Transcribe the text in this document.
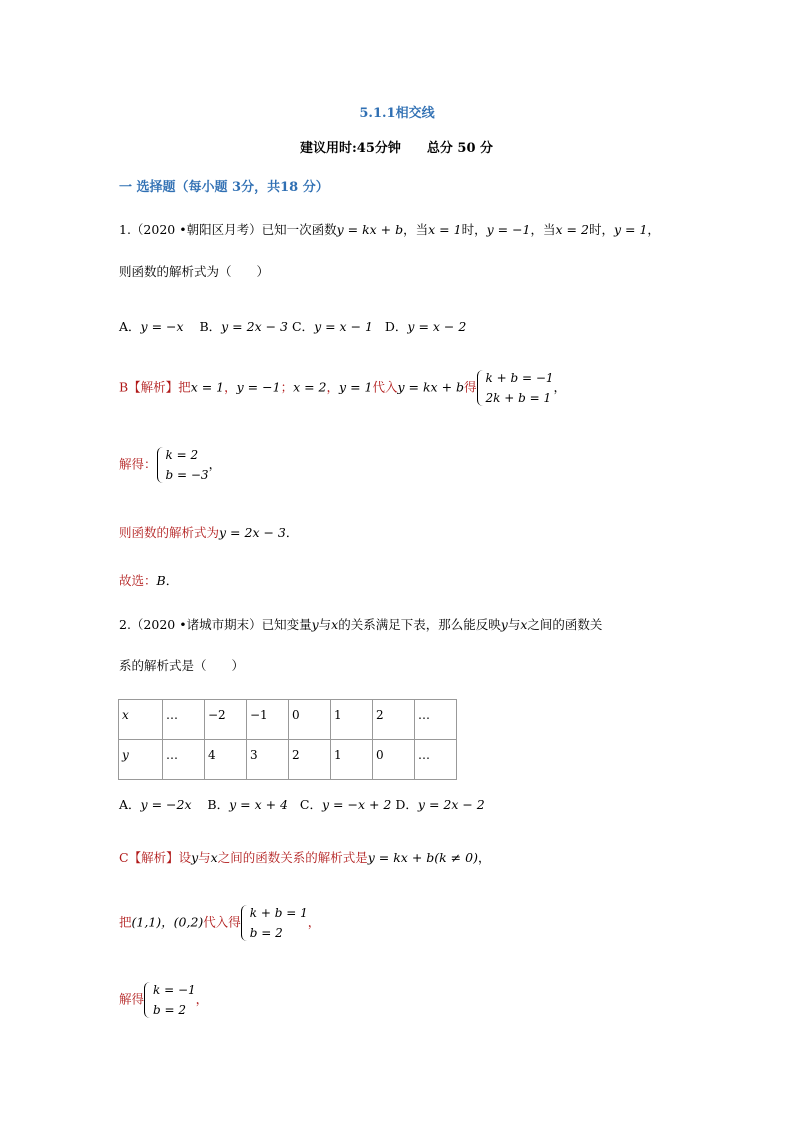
5.1.1相交线
建议用时:45分钟 总分 50 分
一 选择题（每小题 3分，共18 分）
1.（2020 •朝阳区月考）已知一次函数y = kx + b，当x = 1时，y = −1，当x = 2时，y = 1，
则函数的解析式为（　　）
A．y = −x B．y = 2x − 3 C．y = x − 1 D．y = x − 2
B【解析】把x = 1，y = −1；x = 2，y = 1代入y = kx + b得
k + b = −1
2k + b = 1
，
解得：
k = 2
b = −3
，
则函数的解析式为y = 2x − 3．
故选：B．
2.（2020 •诸城市期末）已知变量y与x的关系满足下表，那么能反映y与x之间的函数关
系的解析式是（　　）
x	…	−2	−1	0	1	2	…
y	…	4	3	2	1	0	…
A．y = −2x B．y = x + 4 C．y = −x + 2 D．y = 2x − 2
C【解析】设y与x之间的函数关系的解析式是y = kx + b(k ≠ 0)，
把(1,1)，(0,2)代入得
k + b = 1
b = 2
，
解得
k = −1
b = 2
，
